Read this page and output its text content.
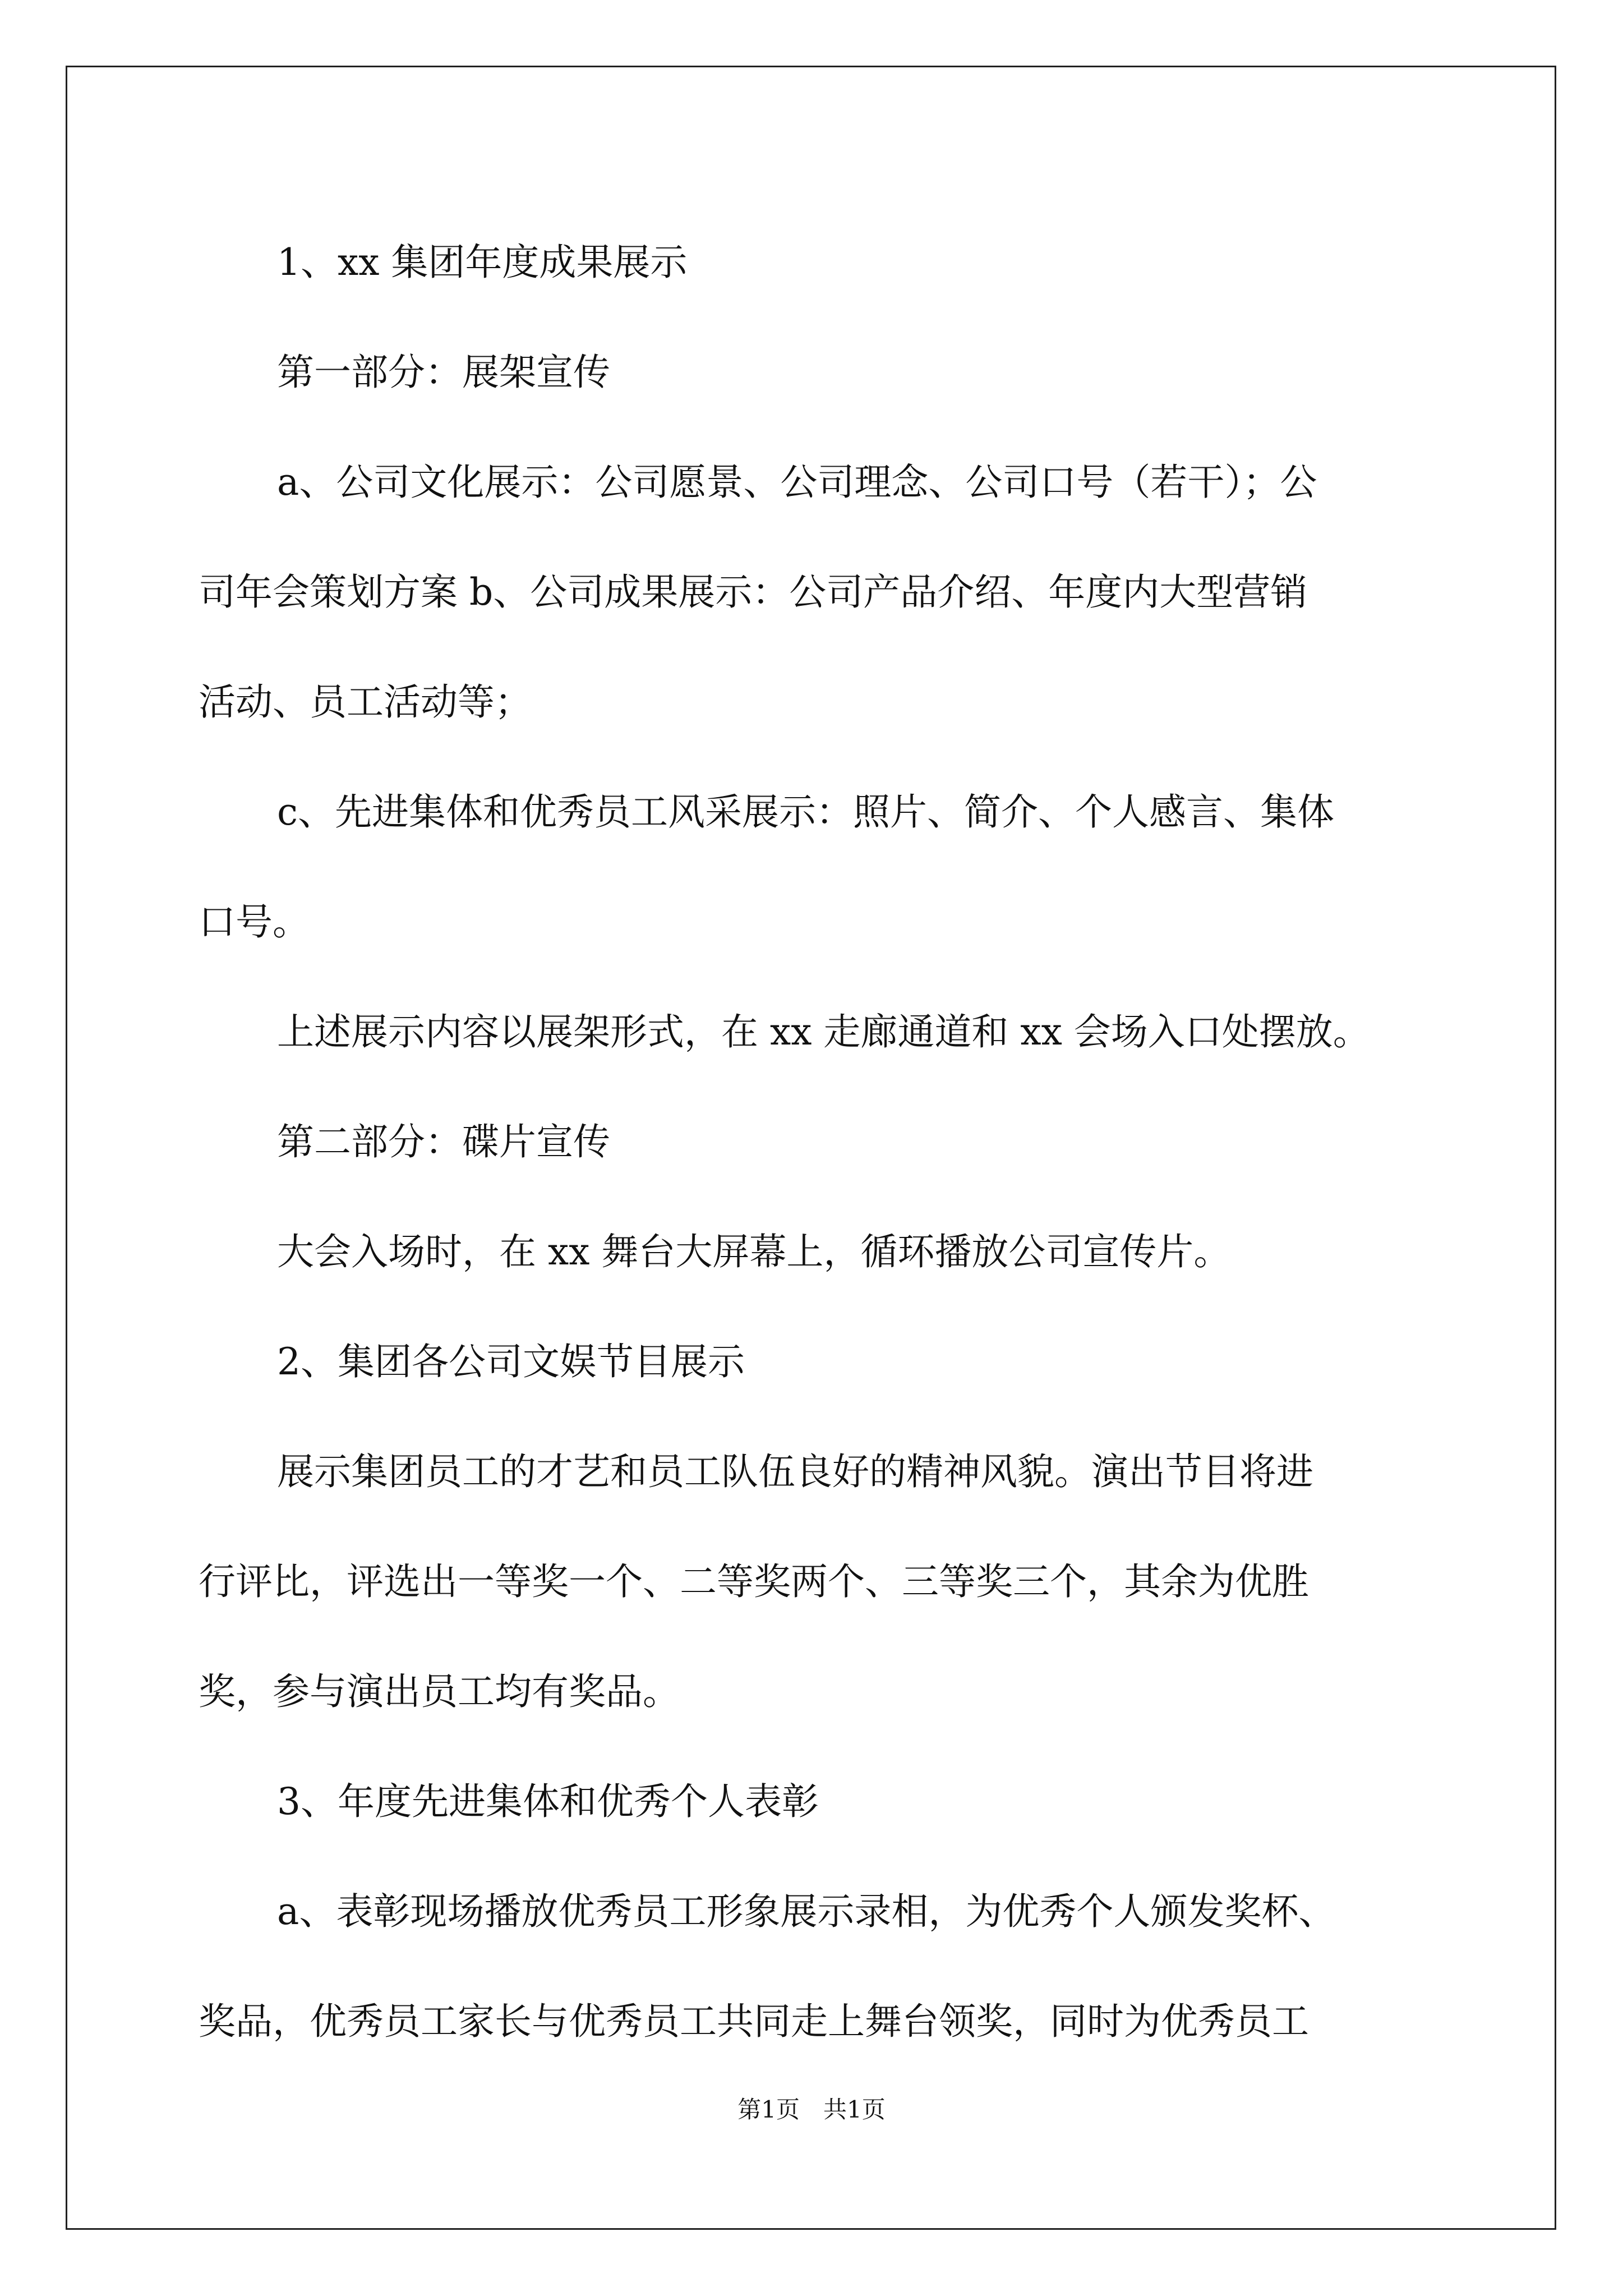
1、xx 集团年度成果展示

第一部分：展架宣传

a、公司文化展示：公司愿景、公司理念、公司口号（若干）；公

司年会策划方案 b、公司成果展示：公司产品介绍、年度内大型营销

活动、员工活动等；

c、先进集体和优秀员工风采展示：照片、简介、个人感言、集体

口号。

上述展示内容以展架形式，在 xx 走廊通道和 xx 会场入口处摆放。

第二部分：碟片宣传

大会入场时，在 xx 舞台大屏幕上，循环播放公司宣传片。

2、集团各公司文娱节目展示

展示集团员工的才艺和员工队伍良好的精神风貌。演出节目将进

行评比，评选出一等奖一个、二等奖两个、三等奖三个，其余为优胜

奖，参与演出员工均有奖品。

3、年度先进集体和优秀个人表彰

a、表彰现场播放优秀员工形象展示录相，为优秀个人颁发奖杯、

奖品，优秀员工家长与优秀员工共同走上舞台领奖，同时为优秀员工

第1页　共1页
